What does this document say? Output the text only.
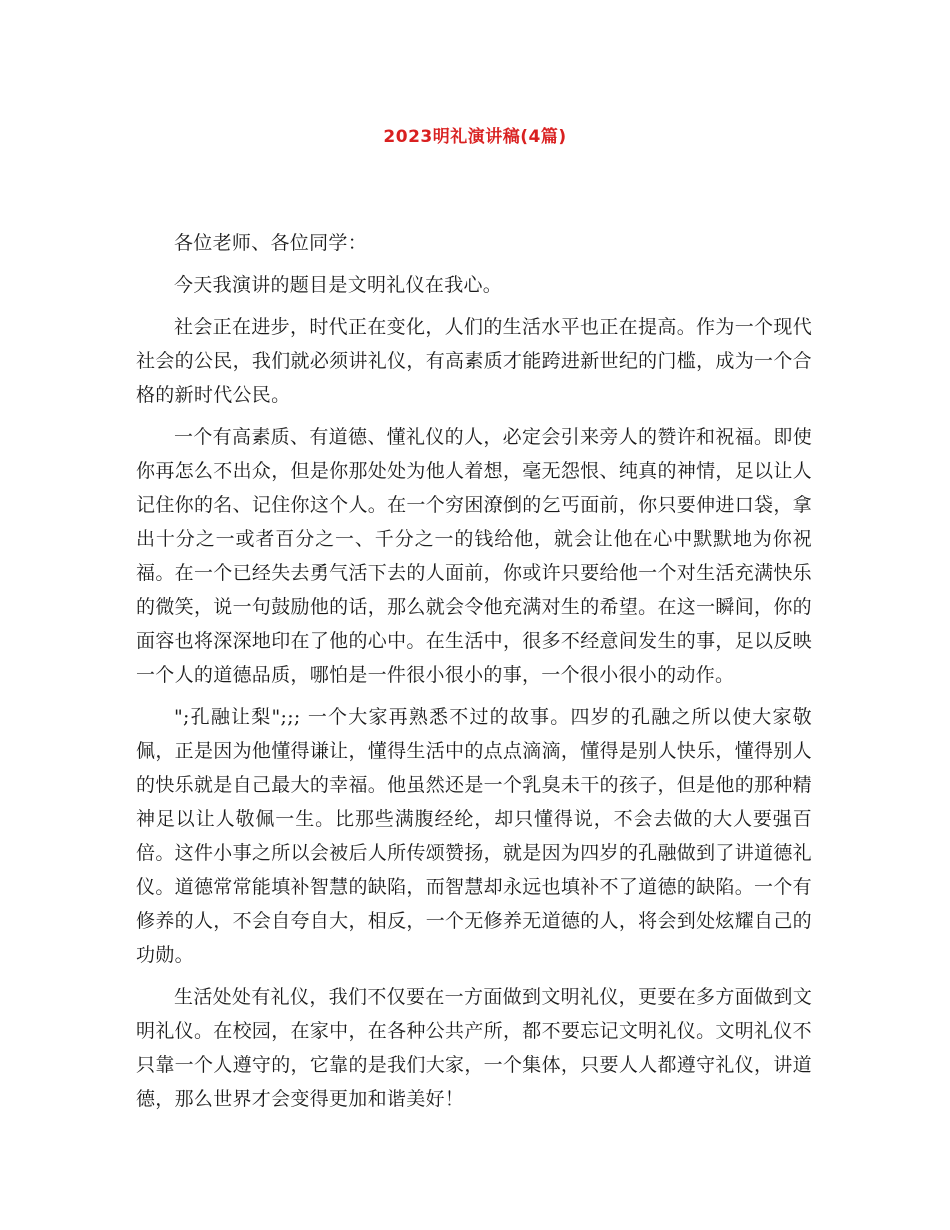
2023明礼演讲稿(4篇)

各位老师、各位同学：

今天我演讲的题目是文明礼仪在我心。

社会正在进步，时代正在变化，人们的生活水平也正在提高。作为一个现代社会的公民，我们就必须讲礼仪，有高素质才能跨进新世纪的门槛，成为一个合格的新时代公民。

一个有高素质、有道德、懂礼仪的人，必定会引来旁人的赞许和祝福。即使你再怎么不出众，但是你那处处为他人着想，毫无怨恨、纯真的神情，足以让人记住你的名、记住你这个人。在一个穷困潦倒的乞丐面前，你只要伸进口袋，拿出十分之一或者百分之一、千分之一的钱给他，就会让他在心中默默地为你祝福。在一个已经失去勇气活下去的人面前，你或许只要给他一个对生活充满快乐的微笑，说一句鼓励他的话，那么就会令他充满对生的希望。在这一瞬间，你的面容也将深深地印在了他的心中。在生活中，很多不经意间发生的事，足以反映一个人的道德品质，哪怕是一件很小很小的事，一个很小很小的动作。

";孔融让梨";;; 一个大家再熟悉不过的故事。四岁的孔融之所以使大家敬佩，正是因为他懂得谦让，懂得生活中的点点滴滴，懂得是别人快乐，懂得别人的快乐就是自己最大的幸福。他虽然还是一个乳臭未干的孩子，但是他的那种精神足以让人敬佩一生。比那些满腹经纶，却只懂得说，不会去做的大人要强百倍。这件小事之所以会被后人所传颂赞扬，就是因为四岁的孔融做到了讲道德礼仪。道德常常能填补智慧的缺陷，而智慧却永远也填补不了道德的缺陷。一个有修养的人，不会自夸自大，相反，一个无修养无道德的人，将会到处炫耀自己的功勋。

生活处处有礼仪，我们不仅要在一方面做到文明礼仪，更要在多方面做到文明礼仪。在校园，在家中，在各种公共产所，都不要忘记文明礼仪。文明礼仪不只靠一个人遵守的，它靠的是我们大家，一个集体，只要人人都遵守礼仪，讲道德，那么世界才会变得更加和谐美好！
